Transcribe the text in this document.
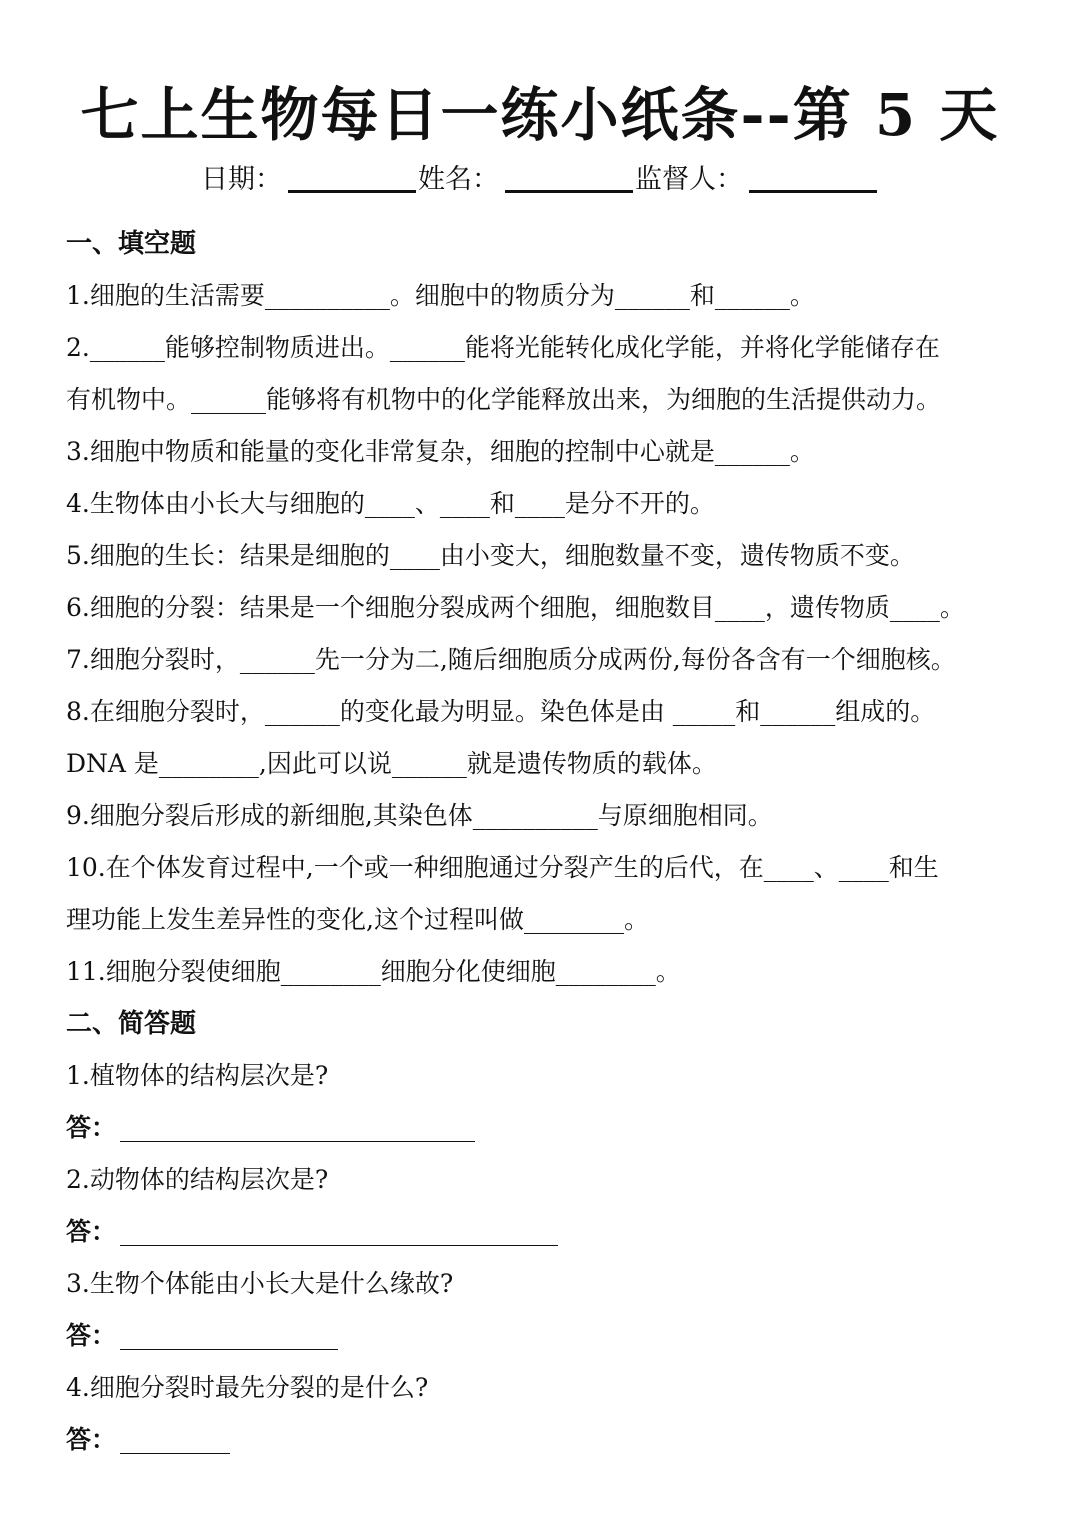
七上生物每日一练小纸条--第 5 天
日期：	姓名：	监督人：
一、填空题
1.细胞的生活需要__________。细胞中的物质分为______和______。
2.______能够控制物质进出。______能将光能转化成化学能，并将化学能储存在
有机物中。______能够将有机物中的化学能释放出来，为细胞的生活提供动力。
3.细胞中物质和能量的变化非常复杂，细胞的控制中心就是______。
4.生物体由小长大与细胞的____、____和____是分不开的。
5.细胞的生长：结果是细胞的____由小变大，细胞数量不变，遗传物质不变。
6.细胞的分裂：结果是一个细胞分裂成两个细胞，细胞数目____，遗传物质____。
7.细胞分裂时，______先一分为二,随后细胞质分成两份,每份各含有一个细胞核。
8.在细胞分裂时，______的变化最为明显。染色体是由 _____和______组成的。
DNA 是________,因此可以说______就是遗传物质的载体。
9.细胞分裂后形成的新细胞,其染色体__________与原细胞相同。
10.在个体发育过程中,一个或一种细胞通过分裂产生的后代，在____、____和生
理功能上发生差异性的变化,这个过程叫做________。
11.细胞分裂使细胞________细胞分化使细胞________。
二、简答题
1.植物体的结构层次是?
答：
2.动物体的结构层次是?
答：
3.生物个体能由小长大是什么缘故?
答：
4.细胞分裂时最先分裂的是什么?
答：
